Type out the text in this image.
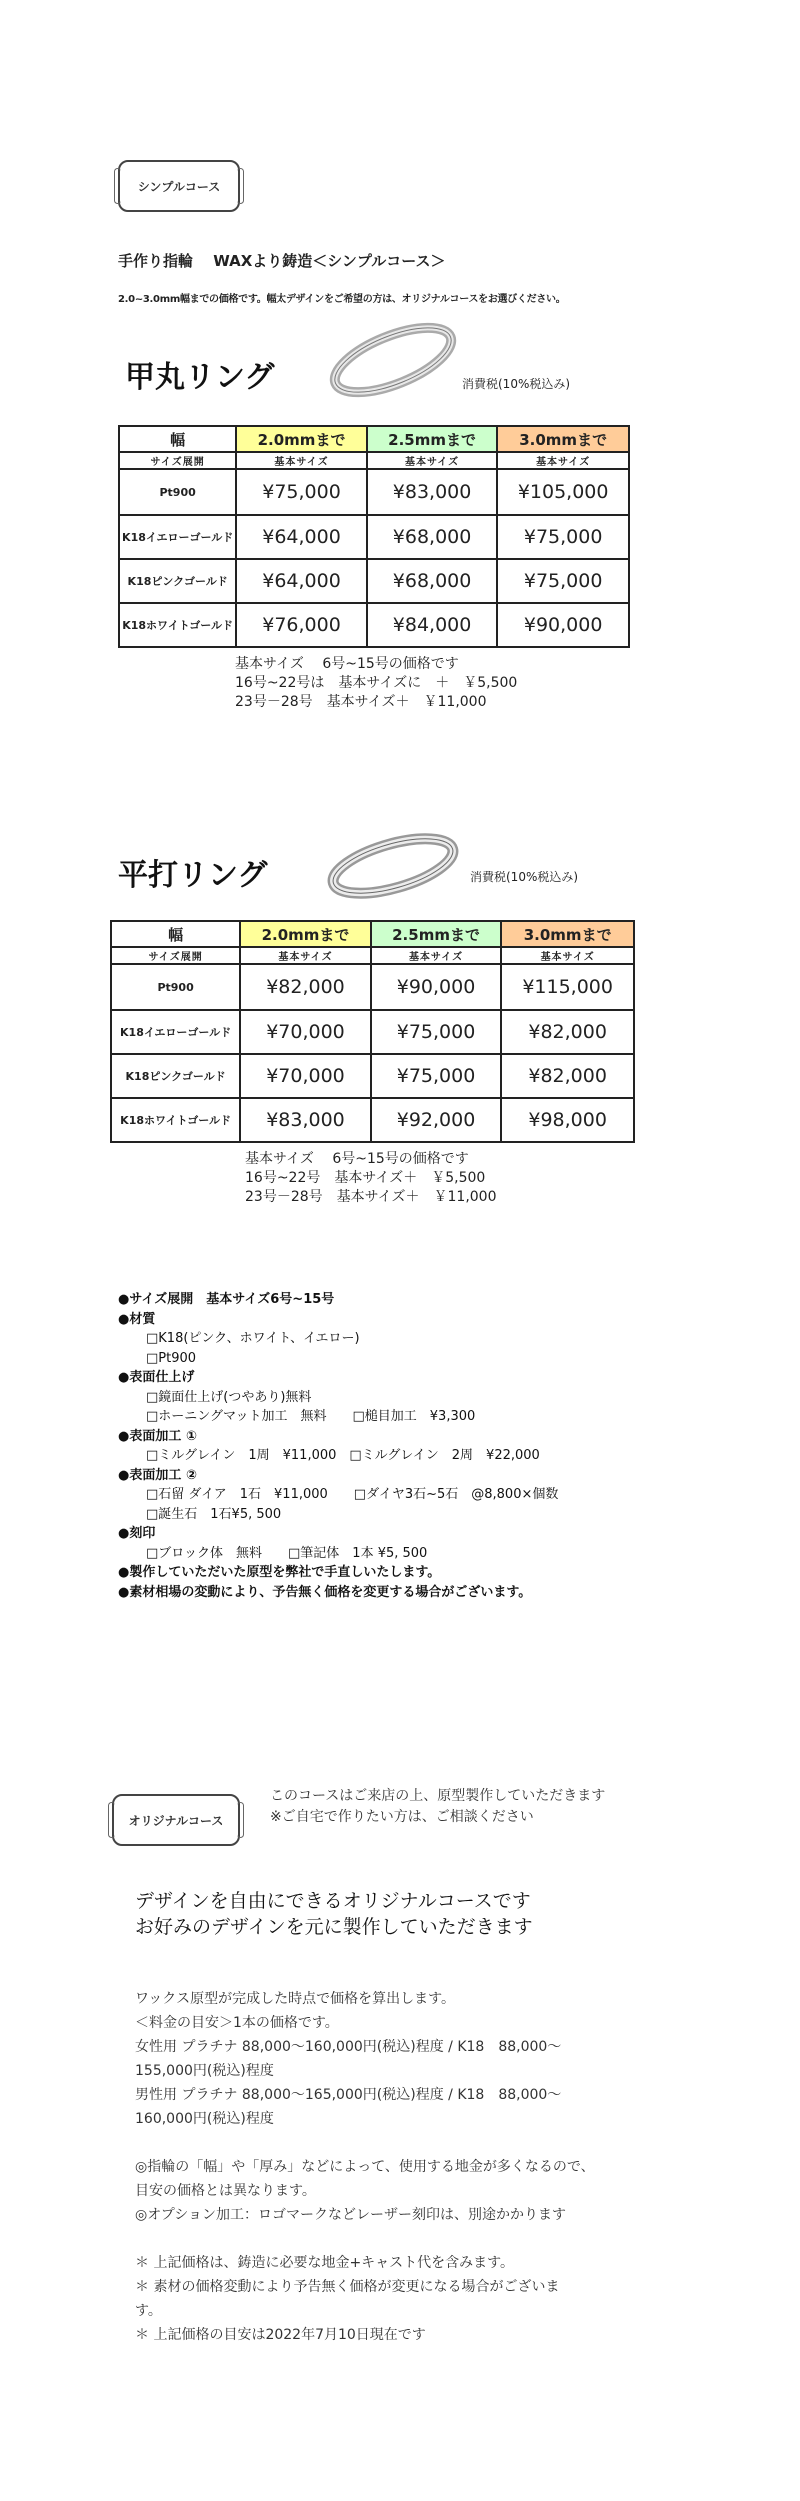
シンプルコース
手作り指輪　 WAXより鋳造＜シンプルコース＞
2.0~3.0mm幅までの価格です。幅太デザインをご希望の方は、オリジナルコースをお選びください。
甲丸リング	消費税(10%税込み)
幅	2.0mmまで	2.5mmまで	3.0mmまで
サイズ展開	基本サイズ	基本サイズ	基本サイズ
Pt900	¥75,000	¥83,000	¥105,000
K18イエローゴールド	¥64,000	¥68,000	¥75,000
K18ピンクゴールド	¥64,000	¥68,000	¥75,000
K18ホワイトゴールド	¥76,000	¥84,000	¥90,000
基本サイズ　 6号~15号の価格です
16号~22号は　基本サイズに　＋　￥5,500
23号－28号　基本サイズ＋　￥11,000
平打リング	消費税(10%税込み)
幅	2.0mmまで	2.5mmまで	3.0mmまで
サイズ展開	基本サイズ	基本サイズ	基本サイズ
Pt900	¥82,000	¥90,000	¥115,000
K18イエローゴールド	¥70,000	¥75,000	¥82,000
K18ピンクゴールド	¥70,000	¥75,000	¥82,000
K18ホワイトゴールド	¥83,000	¥92,000	¥98,000
基本サイズ　 6号~15号の価格です
16号~22号　基本サイズ＋　￥5,500
23号－28号　基本サイズ＋　￥11,000
●サイズ展開　基本サイズ6号~15号
●材質
□K18(ピンク、ホワイト、イエロー)
□Pt900
●表面仕上げ
□鏡面仕上げ(つやあり)無料
□ホーニングマット加工　無料　　□槌目加工　¥3,300
●表面加工 ①
□ミルグレイン　1周　¥11,000　□ミルグレイン　2周　¥22,000
●表面加工 ②
□石留 ダイア　1石　¥11,000　　□ダイヤ3石~5石　@8,800×個数
□誕生石　1石¥5, 500
●刻印
□ブロック体　無料　　□筆記体　1本 ¥5, 500
●製作していただいた原型を弊社で手直しいたします。
●素材相場の変動により、予告無く価格を変更する場合がございます。
オリジナルコース
このコースはご来店の上、原型製作していただきます
※ご自宅で作りたい方は、ご相談ください
デザインを自由にできるオリジナルコースです
お好みのデザインを元に製作していただきます
ワックス原型が完成した時点で価格を算出します。
＜料金の目安＞1本の価格です。
女性用 プラチナ 88,000～160,000円(税込)程度 / K18　88,000～
155,000円(税込)程度
男性用 プラチナ 88,000～165,000円(税込)程度 / K18　88,000～
160,000円(税込)程度
◎指輪の「幅」や「厚み」などによって、使用する地金が多くなるので、
目安の価格とは異なります。
◎オプション加工：ロゴマークなどレーザー刻印は、別途かかります
＊ 上記価格は、鋳造に必要な地金+キャスト代を含みます。
＊ 素材の価格変動により予告無く価格が変更になる場合がございま
す。
＊ 上記価格の目安は2022年7月10日現在です
